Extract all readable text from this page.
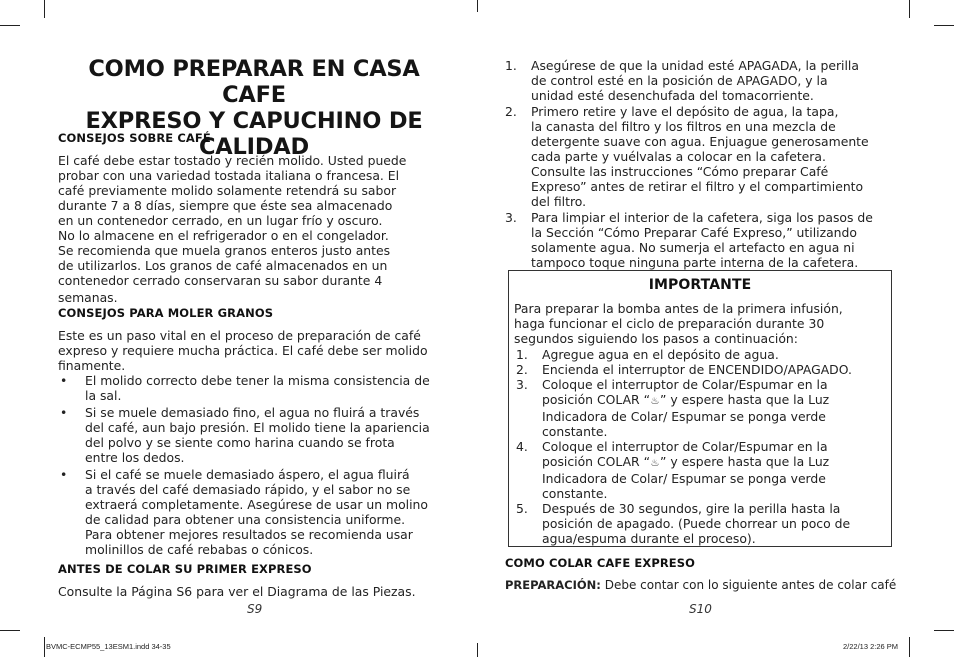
COMO PREPARAR EN CASA CAFE
EXPRESO Y CAPUCHINO DE
CALIDAD
CONSEJOS SOBRE CAFÉ
El café debe estar tostado y recién molido. Usted puede
probar con una variedad tostada italiana o francesa. El
café previamente molido solamente retendrá su sabor
durante 7 a 8 días, siempre que éste sea almacenado
en un contenedor cerrado, en un lugar frío y oscuro.
No lo almacene en el refrigerador o en el congelador.
Se recomienda que muela granos enteros justo antes
de utilizarlos. Los granos de café almacenados en un
contenedor cerrado conservaran su sabor durante 4
semanas.
CONSEJOS PARA MOLER GRANOS
Este es un paso vital en el proceso de preparación de café
expreso y requiere mucha práctica. El café debe ser molido
finamente.
•	El molido correcto debe tener la misma consistencia de
la sal.
•	Si se muele demasiado fino, el agua no fluirá a través
del café, aun bajo presión. El molido tiene la apariencia
del polvo y se siente como harina cuando se frota
entre los dedos.
•	Si el café se muele demasiado áspero, el agua fluirá
a través del café demasiado rápido, y el sabor no se
extraerá completamente. Asegúrese de usar un molino
de calidad para obtener una consistencia uniforme.
Para obtener mejores resultados se recomienda usar
molinillos de café rebabas o cónicos.
ANTES DE COLAR SU PRIMER EXPRESO
Consulte la Página S6 para ver el Diagrama de las Piezas.
S9
1.	Asegúrese de que la unidad esté APAGADA, la perilla
de control esté en la posición de APAGADO, y la
unidad esté desenchufada del tomacorriente.
2.	Primero retire y lave el depósito de agua, la tapa,
la canasta del filtro y los filtros en una mezcla de
detergente suave con agua. Enjuague generosamente
cada parte y vuélvalas a colocar en la cafetera.
Consulte las instrucciones “Cómo preparar Café
Expreso” antes de retirar el filtro y el compartimiento
del filtro.
3.	Para limpiar el interior de la cafetera, siga los pasos de
la Sección “Cómo Preparar Café Expreso,” utilizando
solamente agua. No sumerja el artefacto en agua ni
tampoco toque ninguna parte interna de la cafetera.
IMPORTANTE
Para preparar la bomba antes de la primera infusión,
haga funcionar el ciclo de preparación durante 30
segundos siguiendo los pasos a continuación:
1.	Agregue agua en el depósito de agua.
2.	Encienda el interruptor de ENCENDIDO/APAGADO.
3.	Coloque el interruptor de Colar/Espumar en la
posición COLAR “♨” y espere hasta que la Luz
Indicadora de Colar/ Espumar se ponga verde
constante.
4.	Coloque el interruptor de Colar/Espumar en la
posición COLAR “♨” y espere hasta que la Luz
Indicadora de Colar/ Espumar se ponga verde
constante.
5.	Después de 30 segundos, gire la perilla hasta la
posición de apagado. (Puede chorrear un poco de
agua/espuma durante el proceso).
COMO COLAR CAFE EXPRESO
PREPARACIÓN: Debe contar con lo siguiente antes de colar café
S10
BVMC-ECMP55_13ESM1.indd 34-35	2/22/13 2:26 PM
